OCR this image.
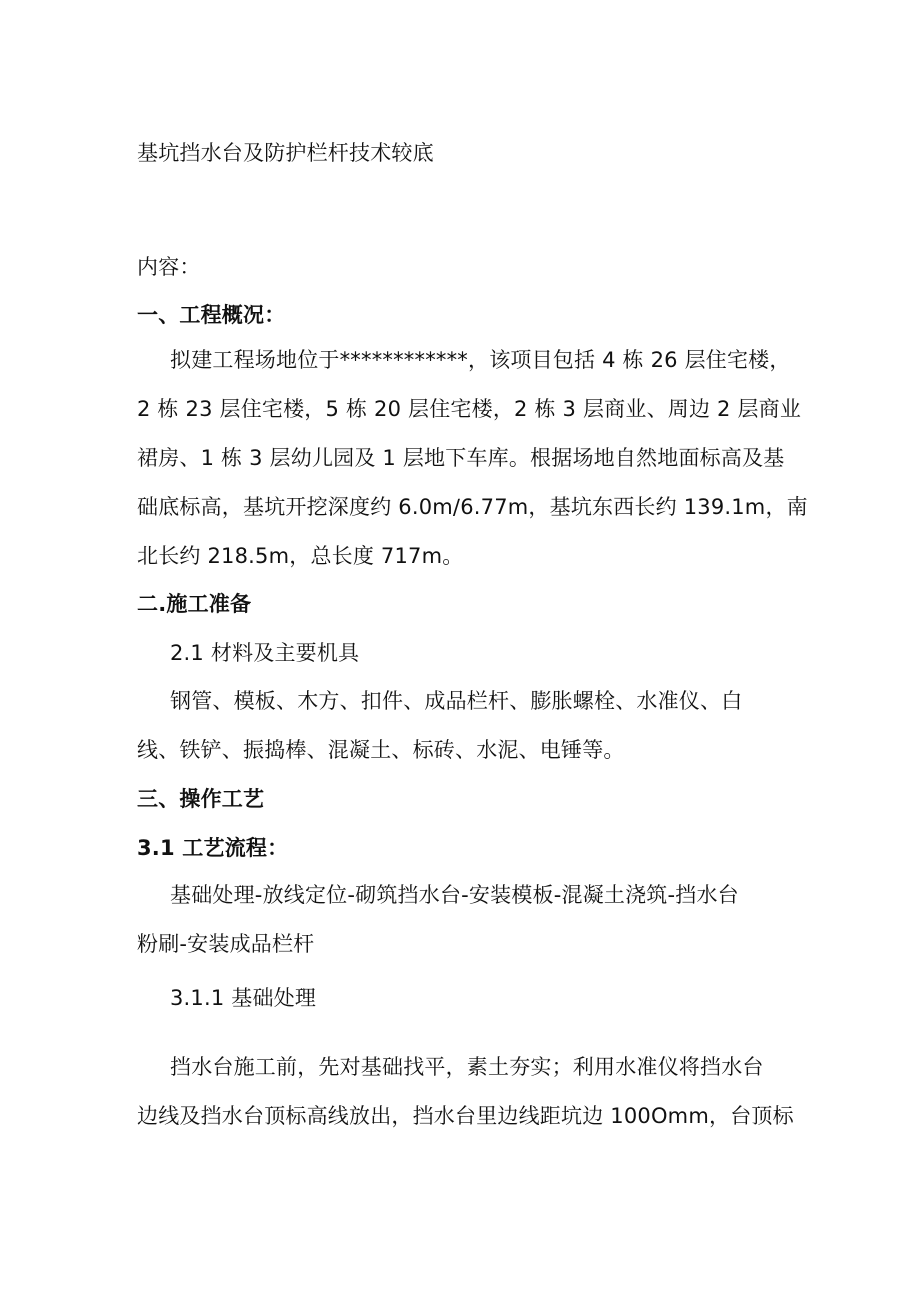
基坑挡水台及防护栏杆技术较底
内容：
一、工程概况：
拟建工程场地位于************，该项目包括 4 栋 26 层住宅楼，
2 栋 23 层住宅楼，5 栋 20 层住宅楼，2 栋 3 层商业、周边 2 层商业
裙房、1 栋 3 层幼儿园及 1 层地下车库。根据场地自然地面标高及基
础底标高，基坑开挖深度约 6.0m∕6.77m，基坑东西长约 139.1m，南
北长约 218.5m，总长度 717m。
二.施工准备
2.1 材料及主要机具
钢管、模板、木方、扣件、成品栏杆、膨胀螺栓、水准仪、白
线、铁铲、振捣棒、混凝土、标砖、水泥、电锤等。
三、操作工艺
3.1 工艺流程：
基础处理-放线定位-砌筑挡水台-安装模板-混凝土浇筑-挡水台
粉刷-安装成品栏杆
3.1.1 基础处理
挡水台施工前，先对基础找平，素土夯实；利用水准仪将挡水台
边线及挡水台顶标高线放出，挡水台里边线距坑边 100Omm，台顶标
